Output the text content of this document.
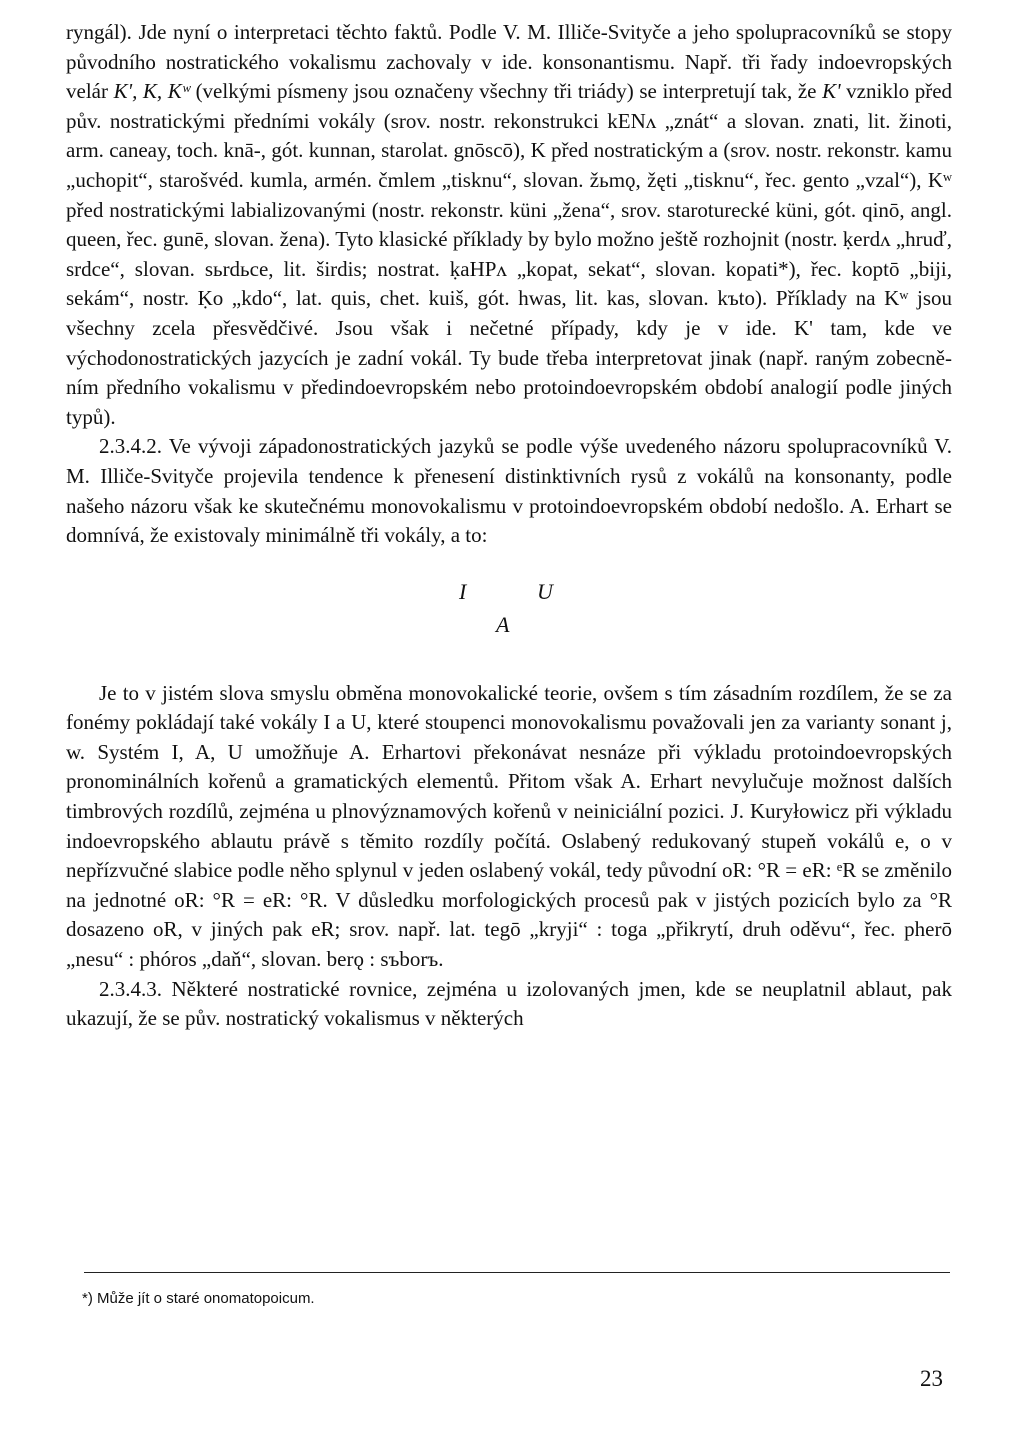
ryngál). Jde nyní o interpretaci těchto faktů. Podle V. M. Illiče-Svityče a jeho spolupracovníků se stopy původního nostratického vokalismu zachovaly v ide. konsonantismu. Např. tři řady indoevropských velár K', K, Kʷ (velkými písmeny jsou označeny všechny tři triády) se interpretují tak, že K' vzniklo před pův. nostratickými předními vokály (srov. nostr. rekonstrukci kENʌ „znát“ a slovan. znati, lit. žinoti, arm. caneay, toch. knā-, gót. kunnan, starolat. gnōscō), K před nostratickým a (srov. nostr. rekonstr. kamu „uchopit“, starošvéd. kumla, armén. čmlem „tisknu“, slovan. žьmǫ, žęti „tisknu“, řec. gento „vzal“), Kʷ před nostratickými labializovanými (nostr. rekonstr. küni „žena“, srov. staroturecké küni, gót. qinō, angl. queen, řec. gunē, slovan. žena). Tyto klasické příklady by bylo možno ještě rozhojnit (nostr. ḳerdʌ „hruď, srdce“, slovan. sьrdьce, lit. širdis; nostrat. ḳaHPʌ „kopat, sekat“, slovan. kopati*), řec. koptō „biji, sekám“, nostr. Ḳo „kdo“, lat. quis, chet. kuiš, gót. hwas, lit. kas, slovan. kъto). Příklady na Kʷ jsou všechny zcela přesvědčivé. Jsou však i nečetné případy, kdy je v ide. K' tam, kde ve východonostratických jazycích je zadní vokál. Ty bude třeba interpretovat jinak (např. raným zobecněním předního vokalismu v předindoevropském nebo protoindoevropském období analogií podle jiných typů).

2.3.4.2. Ve vývoji západonostratických jazyků se podle výše uvedeného názoru spolupracovníků V. M. Illiče-Svityče projevila tendence k přenesení distinktivních rysů z vokálů na konsonanty, podle našeho názoru však ke skutečnému monovokalismu v protoindoevropském období nedošlo. A. Erhart se domnívá, že existovaly minimálně tři vokály, a to:

I	U
A

Je to v jistém slova smyslu obměna monovokalické teorie, ovšem s tím zásadním rozdílem, že se za fonémy pokládají také vokály I a U, které stoupenci monovokalismu považovali jen za varianty sonant j, w. Systém I, A, U umožňuje A. Erhartovi překonávat nesnáze při výkladu protoindoevropských pronominálních kořenů a gramatických elementů. Přitom však A. Erhart nevylučuje možnost dalších timbrových rozdílů, zejména u plnovýznamových kořenů v neiniciální pozici. J. Kuryłowicz při výkladu indoevropského ablautu právě s těmito rozdíly počítá. Oslabený redukovaný stupeň vokálů e, o v nepřízvučné slabice podle něho splynul v jeden oslabený vokál, tedy původní oR: °R = eR: ᵉR se změnilo na jednotné oR: °R = eR: °R. V důsledku morfologických procesů pak v jistých pozicích bylo za °R dosazeno oR, v jiných pak eR; srov. např. lat. tegō „kryji“ : toga „přikrytí, druh oděvu“, řec. pherō „nesu“ : phóros „daň“, slovan. berǫ : sъborъ.

2.3.4.3. Některé nostratické rovnice, zejména u izolovaných jmen, kde se neuplatnil ablaut, pak ukazují, že se pův. nostratický vokalismus v některých

*) Může jít o staré onomatopoicum.
23
